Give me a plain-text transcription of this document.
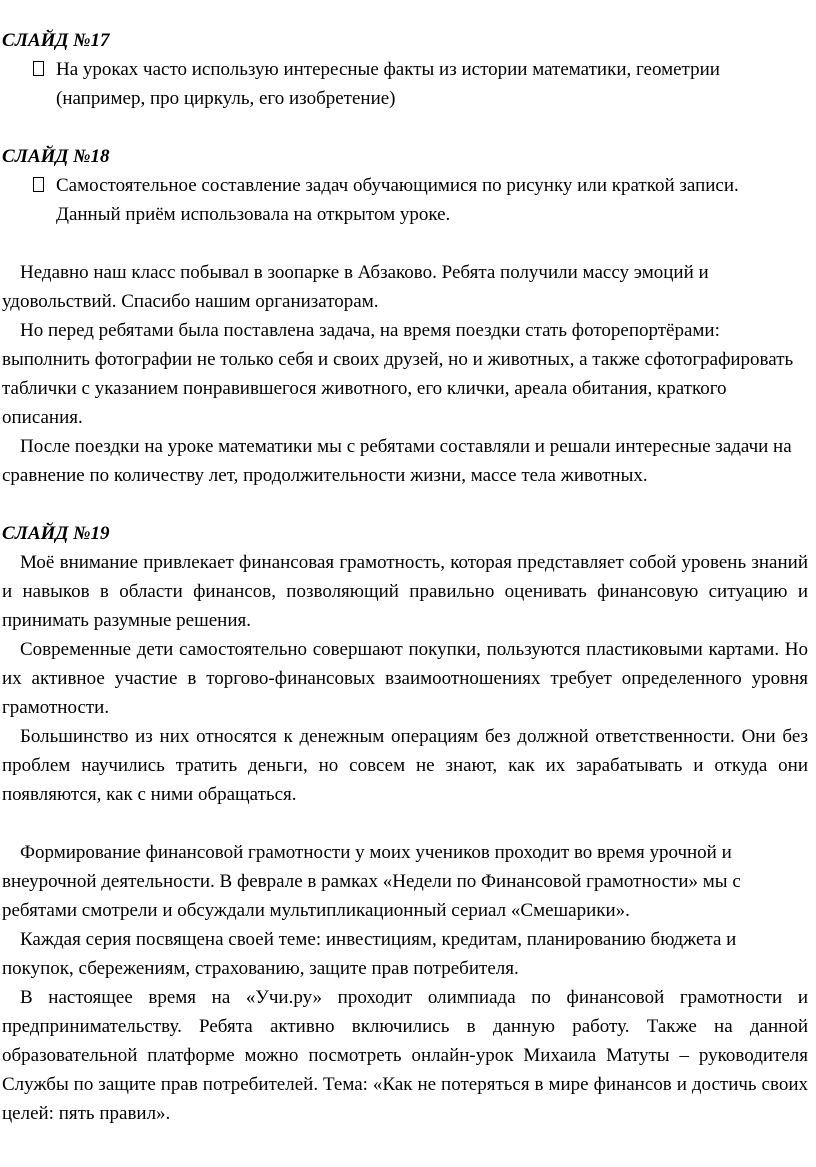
СЛАЙД №17

На уроках часто использую интересные факты из истории математики, геометрии (например, про циркуль, его изобретение)

СЛАЙД №18

Самостоятельное составление задач обучающимися по рисунку или краткой записи. Данный приём использовала на открытом уроке.

Недавно наш класс побывал в зоопарке в Абзаково. Ребята получили массу эмоций и удовольствий. Спасибо нашим организаторам.

Но перед ребятами была поставлена задача, на время поездки стать фоторепортёрами: выполнить фотографии не только себя и своих друзей, но и животных, а также сфотографировать таблички с указанием понравившегося животного, его клички, ареала обитания, краткого описания.

После поездки на уроке математики мы с ребятами составляли и решали интересные задачи на сравнение по количеству лет, продолжительности жизни, массе тела животных.

СЛАЙД №19

Моё внимание привлекает финансовая грамотность, которая представляет собой уровень знаний и навыков в области финансов, позволяющий правильно оценивать финансовую ситуацию и принимать разумные решения.

Современные дети самостоятельно совершают покупки, пользуются пластиковыми картами. Но их активное участие в торгово-финансовых взаимоотношениях требует определенного уровня грамотности.

Большинство из них относятся к денежным операциям без должной ответственности. Они без проблем научились тратить деньги, но совсем не знают, как их зарабатывать и откуда они появляются, как с ними обращаться.

Формирование финансовой грамотности у моих учеников проходит во время урочной и внеурочной деятельности. В феврале в рамках «Недели по Финансовой грамотности» мы с ребятами смотрели и обсуждали мультипликационный сериал «Смешарики».

Каждая серия посвящена своей теме: инвестициям, кредитам, планированию бюджета и покупок, сбережениям, страхованию, защите прав потребителя.

В настоящее время на «Учи.ру» проходит олимпиада по финансовой грамотности и предпринимательству. Ребята активно включились в данную работу. Также на данной образовательной платформе можно посмотреть онлайн-урок Михаила Матуты – руководителя Службы по защите прав потребителей. Тема: «Как не потеряться в мире финансов и достичь своих целей: пять правил».
